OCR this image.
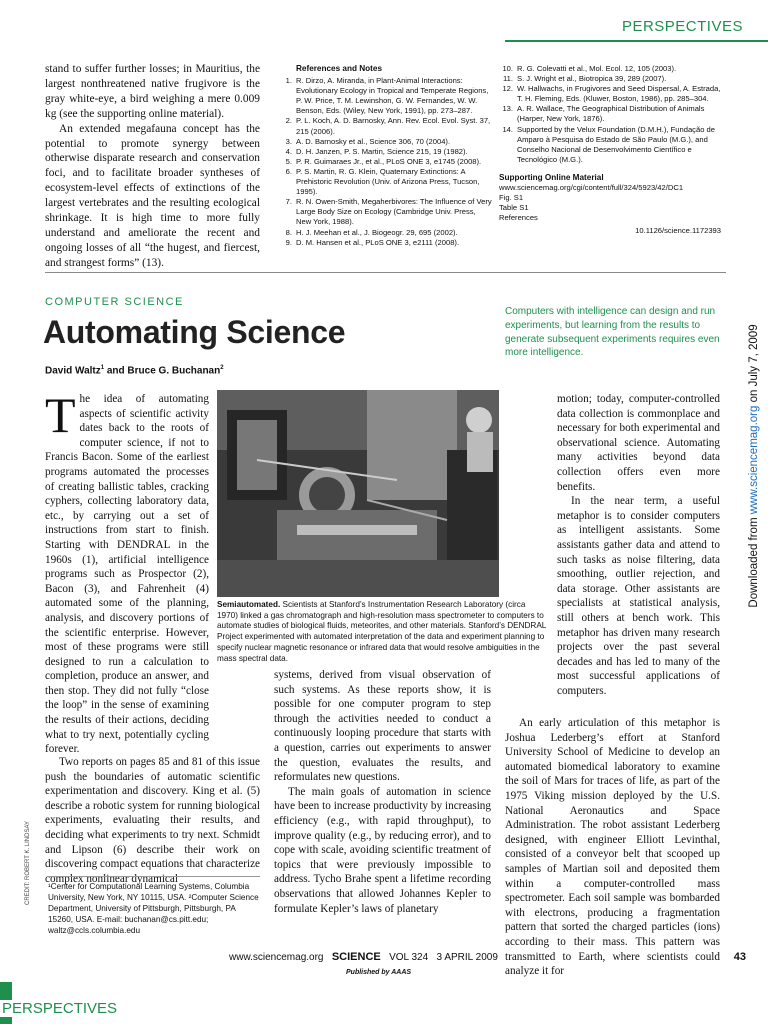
PERSPECTIVES

stand to suffer further losses; in Mauritius, the largest nonthreatened native frugivore is the gray white-eye, a bird weighing a mere 0.009 kg (see the supporting online material).

An extended megafauna concept has the potential to promote synergy between otherwise disparate research and conservation foci, and to facilitate broader syntheses of ecosystem-level effects of extinctions of the largest vertebrates and the resulting ecological shrinkage. It is high time to more fully understand and ameliorate the recent and ongoing losses of all “the hugest, and fiercest, and strangest forms” (13).

References and Notes
1. R. Dirzo, A. Miranda, in Plant-Animal Interactions: Evolutionary Ecology in Tropical and Temperate Regions, P. W. Price, T. M. Lewinshon, G. W. Fernandes, W. W. Benson, Eds. (Wiley, New York, 1991), pp. 273–287.
2. P. L. Koch, A. D. Barnosky, Ann. Rev. Ecol. Evol. Syst. 37, 215 (2006).
3. A. D. Barnosky et al., Science 306, 70 (2004).
4. D. H. Janzen, P. S. Martin, Science 215, 19 (1982).
5. P. R. Guimaraes Jr., et al., PLoS ONE 3, e1745 (2008).
6. P. S. Martin, R. G. Klein, Quaternary Extinctions: A Prehistoric Revolution (Univ. of Arizona Press, Tucson, 1995).
7. R. N. Owen-Smith, Megaherbivores: The Influence of Very Large Body Size on Ecology (Cambridge Univ. Press, New York, 1988).
8. H. J. Meehan et al., J. Biogeogr. 29, 695 (2002).
9. D. M. Hansen et al., PLoS ONE 3, e2111 (2008).
10. R. G. Colevatti et al., Mol. Ecol. 12, 105 (2003).
11. S. J. Wright et al., Biotropica 39, 289 (2007).
12. W. Hallwachs, in Frugivores and Seed Dispersal, A. Estrada, T. H. Fleming, Eds. (Kluwer, Boston, 1986), pp. 285–304.
13. A. R. Wallace, The Geographical Distribution of Animals (Harper, New York, 1876).
14. Supported by the Velux Foundation (D.M.H.), Fundação de Amparo à Pesquisa do Estado de São Paulo (M.G.), and Conselho Nacional de Desenvolvimento Científico e Tecnológico (M.G.).
Supporting Online Material
www.sciencemag.org/cgi/content/full/324/5923/42/DC1
Fig. S1
Table S1
References
10.1126/science.1172393
COMPUTER SCIENCE
Automating Science
David Waltz$^1$ and Bruce G. Buchanan$^2$
Computers with intelligence can design and run experiments, but learning from the results to generate subsequent experiments requires even more intelligence.
CREDIT: ROBERT K. LINDSAY
Semiautomated. Scientists at Stanford’s Instrumentation Research Laboratory (circa 1970) linked a gas chromatograph and high-resolution mass spectrometer to computers to automate studies of biological fluids, meteorites, and other materials. Stanford’s DENDRAL Project experimented with automated interpretation of the data and experiment planning to specify nuclear magnetic resonance or infrared data that would resolve ambiguities in the mass spectral data.

The idea of automating aspects of scientific activity dates back to the roots of computer science, if not to Francis Bacon. Some of the earliest programs automated the processes of creating ballistic tables, cracking cyphers, collecting laboratory data, etc., by carrying out a set of instructions from start to finish. Starting with DENDRAL in the 1960s (1), artificial intelligence programs such as Prospector (2), Bacon (3), and Fahrenheit (4) automated some of the planning, analysis, and discovery portions of the scientific enterprise. However, most of these programs were still designed to run a calculation to completion, produce an answer, and then stop. They did not fully “close the loop” in the sense of examining the results of their actions, deciding what to try next, potentially cycling forever.

Two reports on pages 85 and 81 of this issue push the boundaries of automatic scientific experimentation and discovery. King et al. (5) describe a robotic system for running biological experiments, evaluating their results, and deciding what experiments to try next. Schmidt and Lipson (6) describe their work on discovering compact equations that characterize complex nonlinear dynamical

¹Center for Computational Learning Systems, Columbia University, New York, NY 10115, USA. ²Computer Science Department, University of Pittsburgh, Pittsburgh, PA 15260, USA. E-mail: buchanan@cs.pitt.edu; waltz@ccls.columbia.edu

systems, derived from visual observation of such systems. As these reports show, it is possible for one computer program to step through the activities needed to conduct a continuously looping procedure that starts with a question, carries out experiments to answer the question, evaluates the results, and reformulates new questions.

The main goals of automation in science have been to increase productivity by increasing efficiency (e.g., with rapid throughput), to improve quality (e.g., by reducing error), and to cope with scale, avoiding scientific treatment of topics that were previously impossible to address. Tycho Brahe spent a lifetime recording observations that allowed Johannes Kepler to formulate Kepler’s laws of planetary

motion; today, computer-controlled data collection is commonplace and necessary for both experimental and observational science. Automating many activities beyond data collection offers even more benefits.

In the near term, a useful metaphor is to consider computers as intelligent assistants. Some assistants gather data and attend to such tasks as noise filtering, data smoothing, outlier rejection, and data storage. Other assistants are specialists at statistical analysis, still others at bench work. This metaphor has driven many research projects over the past several decades and has led to many of the most successful applications of computers.

An early articulation of this metaphor is Joshua Lederberg’s effort at Stanford University School of Medicine to develop an automated biomedical laboratory to examine the soil of Mars for traces of life, as part of the 1975 Viking mission deployed by the U.S. National Aeronautics and Space Administration. The robot assistant Lederberg designed, with engineer Elliott Levinthal, consisted of a conveyor belt that scooped up samples of Martian soil and deposited them within a computer-controlled mass spectrometer. Each soil sample was bombarded with electrons, producing a fragmentation pattern that sorted the charged particles (ions) according to their mass. This pattern was transmitted to Earth, where scientists could analyze it for

Downloaded from www.sciencemag.org on July 7, 2009
www.sciencemag.org SCIENCE VOL 324 3 APRIL 2009	43
Published by AAAS
PERSPECTIVES
